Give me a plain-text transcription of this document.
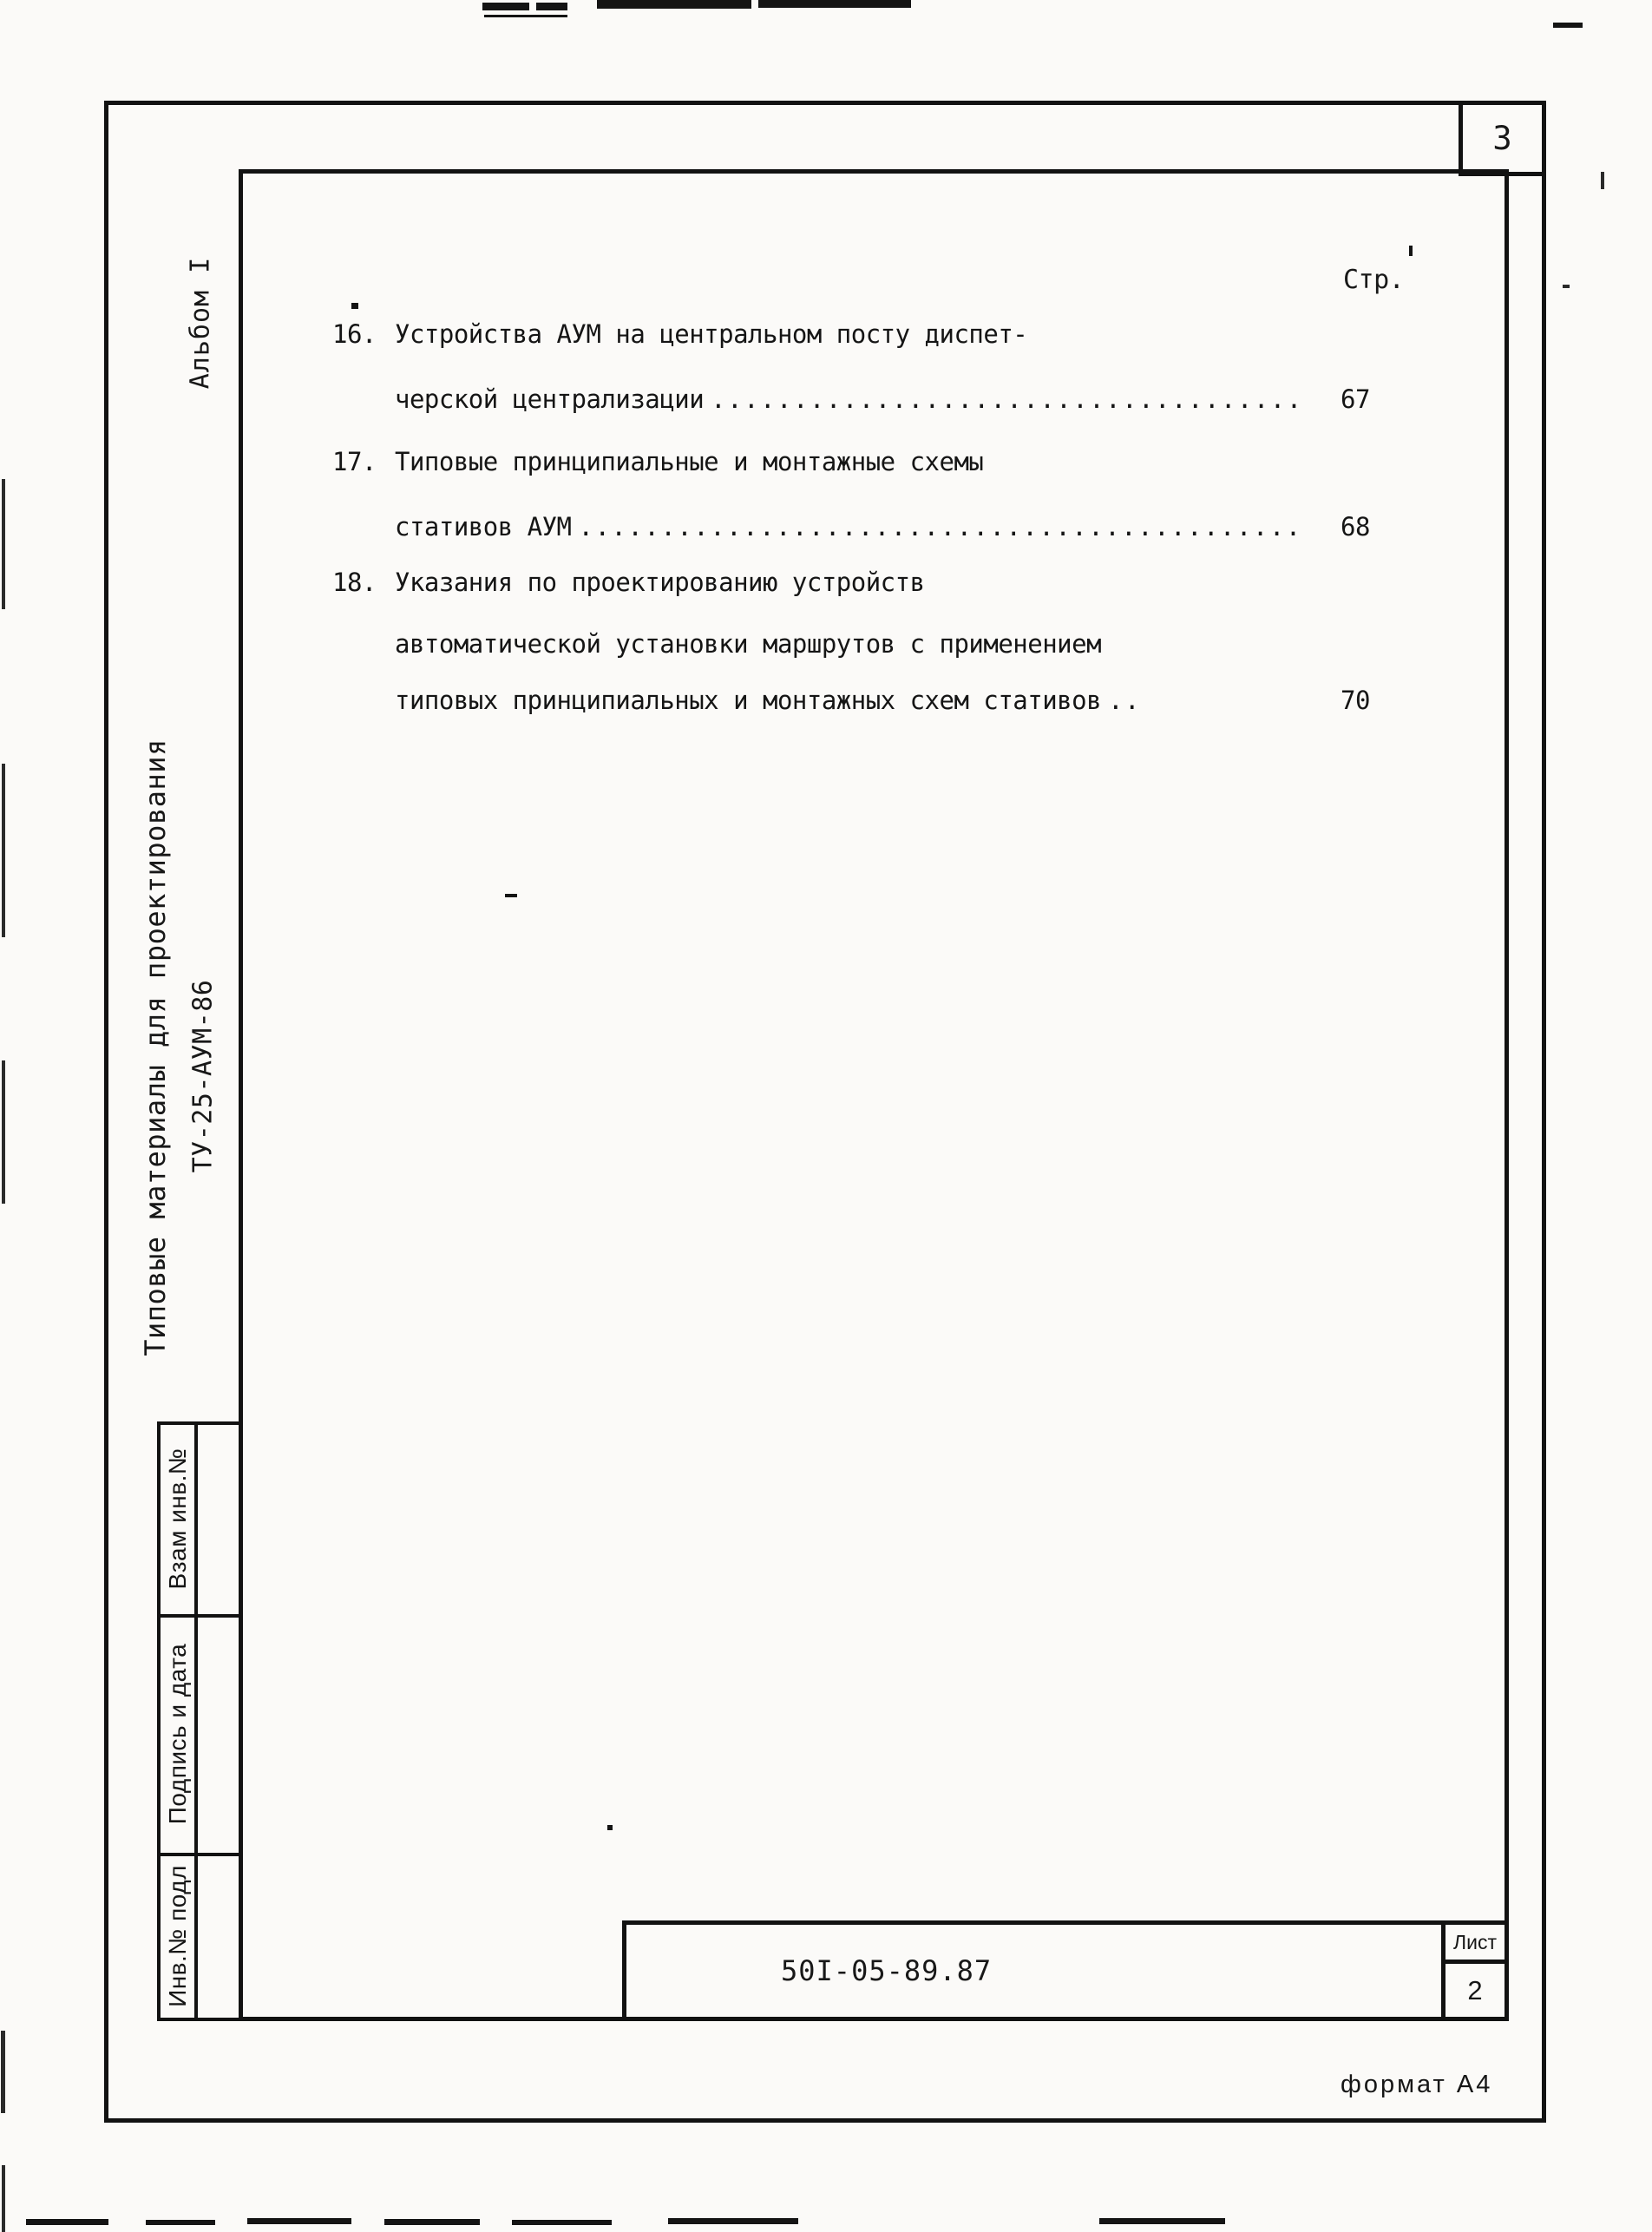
3
Альбом I
Типовые материалы для проектирования ТУ-25-АУМ-86
Взам инв.№
Подпись и дата
Инв.№ подл
Стр.
16. Устройства АУМ на центральном посту диспет-
черской централизации .................................... 67
17. Типовые принципиальные и монтажные схемы
стативов АУМ ............................................ 68
18. Указания по проектированию устройств
автоматической установки маршрутов с применением
типовых принципиальных и монтажных схем стативов ..	70
50I-05-89.87
Лист
2
формат А4
